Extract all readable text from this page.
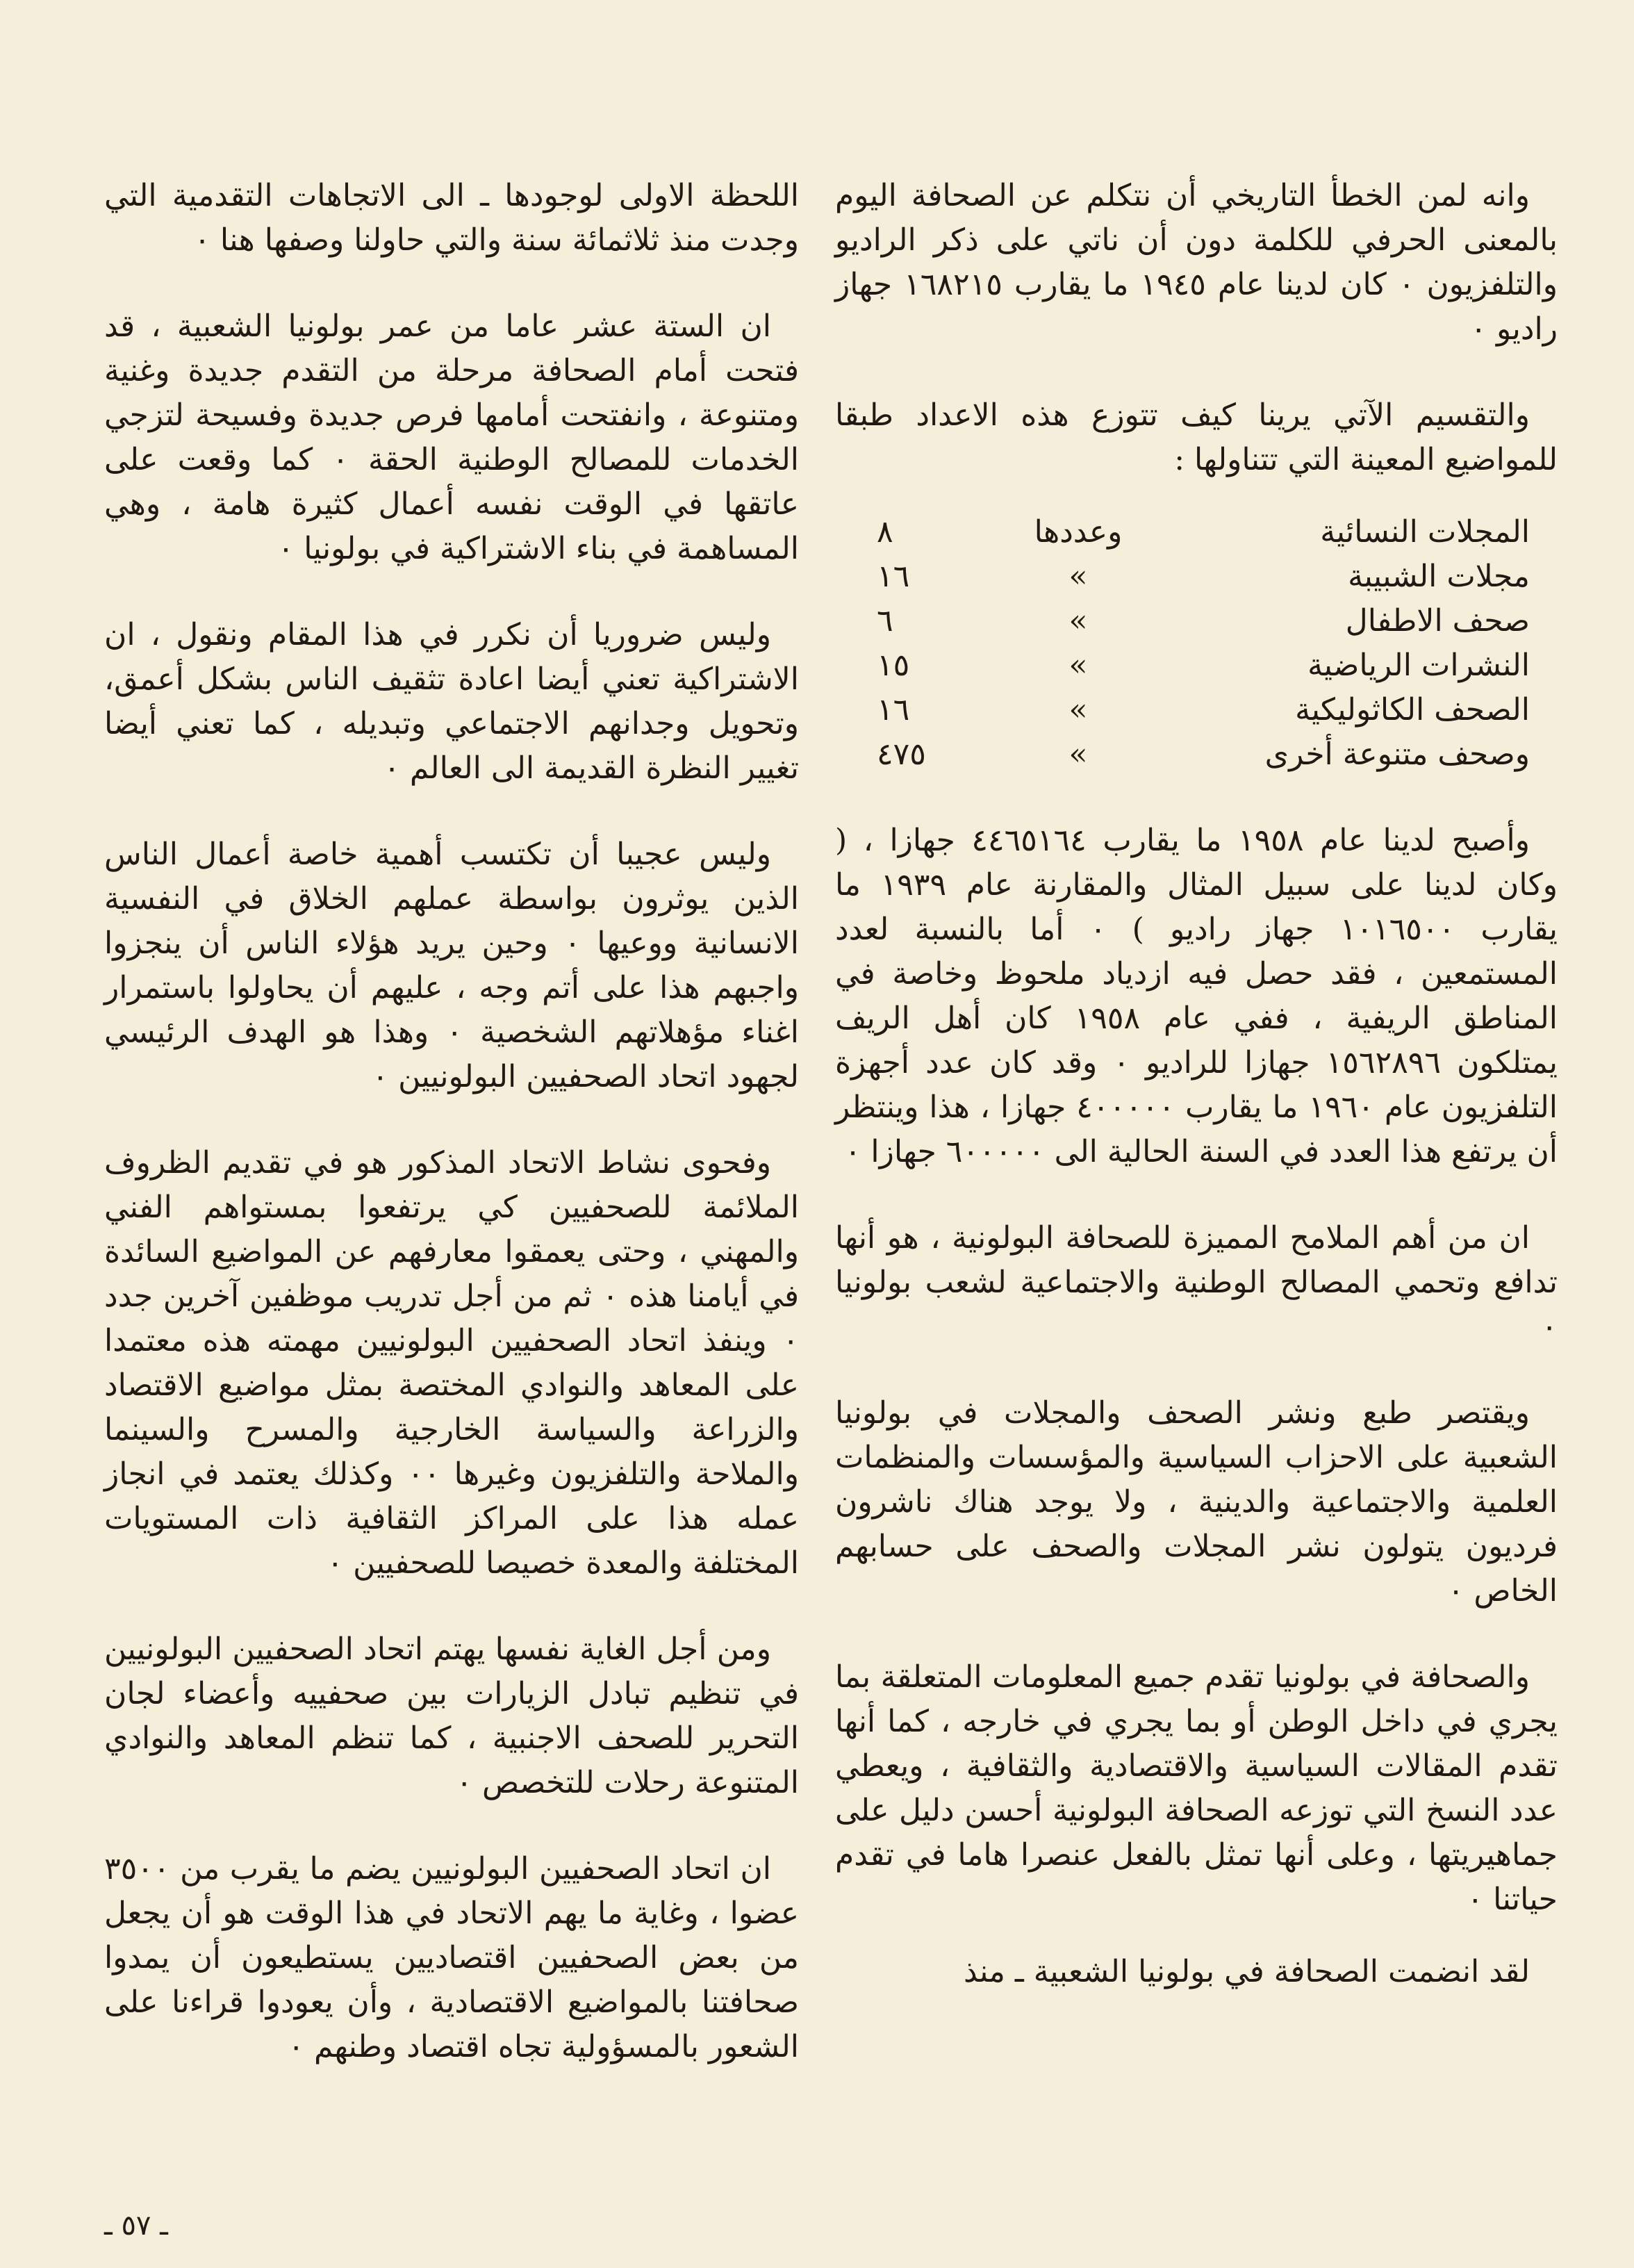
وانه لمن الخطأ التاريخي أن نتكلم عن الصحافة اليوم بالمعنى الحرفي للكلمة دون أن ناتي على ذكر الراديو والتلفزيون ٠ كان لدينا عام ١٩٤٥ ما يقارب ١٦٨٢١٥ جهاز راديو ٠

والتقسيم الآتي يرينا كيف تتوزع هذه الاعداد طبقا للمواضيع المعينة التي تتناولها :

المجلات النسائية	وعددها	٨
مجلات الشبيبة	»	١٦
صحف الاطفال	»	٦
النشرات الرياضية	»	١٥
الصحف الكاثوليكية	»	١٦
وصحف متنوعة أخرى	»	٤٧٥

وأصبح لدينا عام ١٩٥٨ ما يقارب ٤٤٦٥١٦٤ جهازا ، ( وكان لدينا على سبيل المثال والمقارنة عام ١٩٣٩ ما يقارب ١٠١٦٥٠٠ جهاز راديو ) ٠ أما بالنسبة لعدد المستمعين ، فقد حصل فيه ازدياد ملحوظ وخاصة في المناطق الريفية ، ففي عام ١٩٥٨ كان أهل الريف يمتلكون ١٥٦٢٨٩٦ جهازا للراديو ٠ وقد كان عدد أجهزة التلفزيون عام ١٩٦٠ ما يقارب ٤٠٠٠٠٠ جهازا ، هذا وينتظر أن يرتفع هذا العدد في السنة الحالية الى ٦٠٠٠٠٠ جهازا ٠

ان من أهم الملامح المميزة للصحافة البولونية ، هو أنها تدافع وتحمي المصالح الوطنية والاجتماعية لشعب بولونيا ٠

ويقتصر طبع ونشر الصحف والمجلات في بولونيا الشعبية على الاحزاب السياسية والمؤسسات والمنظمات العلمية والاجتماعية والدينية ، ولا يوجد هناك ناشرون فرديون يتولون نشر المجلات والصحف على حسابهم الخاص ٠

والصحافة في بولونيا تقدم جميع المعلومات المتعلقة بما يجري في داخل الوطن أو بما يجري في خارجه ، كما أنها تقدم المقالات السياسية والاقتصادية والثقافية ، ويعطي عدد النسخ التي توزعه الصحافة البولونية أحسن دليل على جماهيريتها ، وعلى أنها تمثل بالفعل عنصرا هاما في تقدم حياتنا ٠

لقد انضمت الصحافة في بولونيا الشعبية ـ منذ

اللحظة الاولى لوجودها ـ الى الاتجاهات التقدمية التي وجدت منذ ثلاثمائة سنة والتي حاولنا وصفها هنا ٠

ان الستة عشر عاما من عمر بولونيا الشعبية ، قد فتحت أمام الصحافة مرحلة من التقدم جديدة وغنية ومتنوعة ، وانفتحت أمامها فرص جديدة وفسيحة لتزجي الخدمات للمصالح الوطنية الحقة ٠ كما وقعت على عاتقها في الوقت نفسه أعمال كثيرة هامة ، وهي المساهمة في بناء الاشتراكية في بولونيا ٠

وليس ضروريا أن نكرر في هذا المقام ونقول ، ان الاشتراكية تعني أيضا اعادة تثقيف الناس بشكل أعمق، وتحويل وجدانهم الاجتماعي وتبديله ، كما تعني أيضا تغيير النظرة القديمة الى العالم ٠

وليس عجيبا أن تكتسب أهمية خاصة أعمال الناس الذين يوثرون بواسطة عملهم الخلاق في النفسية الانسانية ووعيها ٠ وحين يريد هؤلاء الناس أن ينجزوا واجبهم هذا على أتم وجه ، عليهم أن يحاولوا باستمرار اغناء مؤهلاتهم الشخصية ٠ وهذا هو الهدف الرئيسي لجهود اتحاد الصحفيين البولونيين ٠

وفحوى نشاط الاتحاد المذكور هو في تقديم الظروف الملائمة للصحفيين كي يرتفعوا بمستواهم الفني والمهني ، وحتى يعمقوا معارفهم عن المواضيع السائدة في أيامنا هذه ٠ ثم من أجل تدريب موظفين آخرين جدد ٠ وينفذ اتحاد الصحفيين البولونيين مهمته هذه معتمدا على المعاهد والنوادي المختصة بمثل مواضيع الاقتصاد والزراعة والسياسة الخارجية والمسرح والسينما والملاحة والتلفزيون وغيرها ٠٠ وكذلك يعتمد في انجاز عمله هذا على المراكز الثقافية ذات المستويات المختلفة والمعدة خصيصا للصحفيين ٠

ومن أجل الغاية نفسها يهتم اتحاد الصحفيين البولونيين في تنظيم تبادل الزيارات بين صحفييه وأعضاء لجان التحرير للصحف الاجنبية ، كما تنظم المعاهد والنوادي المتنوعة رحلات للتخصص ٠

ان اتحاد الصحفيين البولونيين يضم ما يقرب من ٣٥٠٠ عضوا ، وغاية ما يهم الاتحاد في هذا الوقت هو أن يجعل من بعض الصحفيين اقتصاديين يستطيعون أن يمدوا صحافتنا بالمواضيع الاقتصادية ، وأن يعودوا قراءنا على الشعور بالمسؤولية تجاه اقتصاد وطنهم ٠

ـ ٥٧ ـ
